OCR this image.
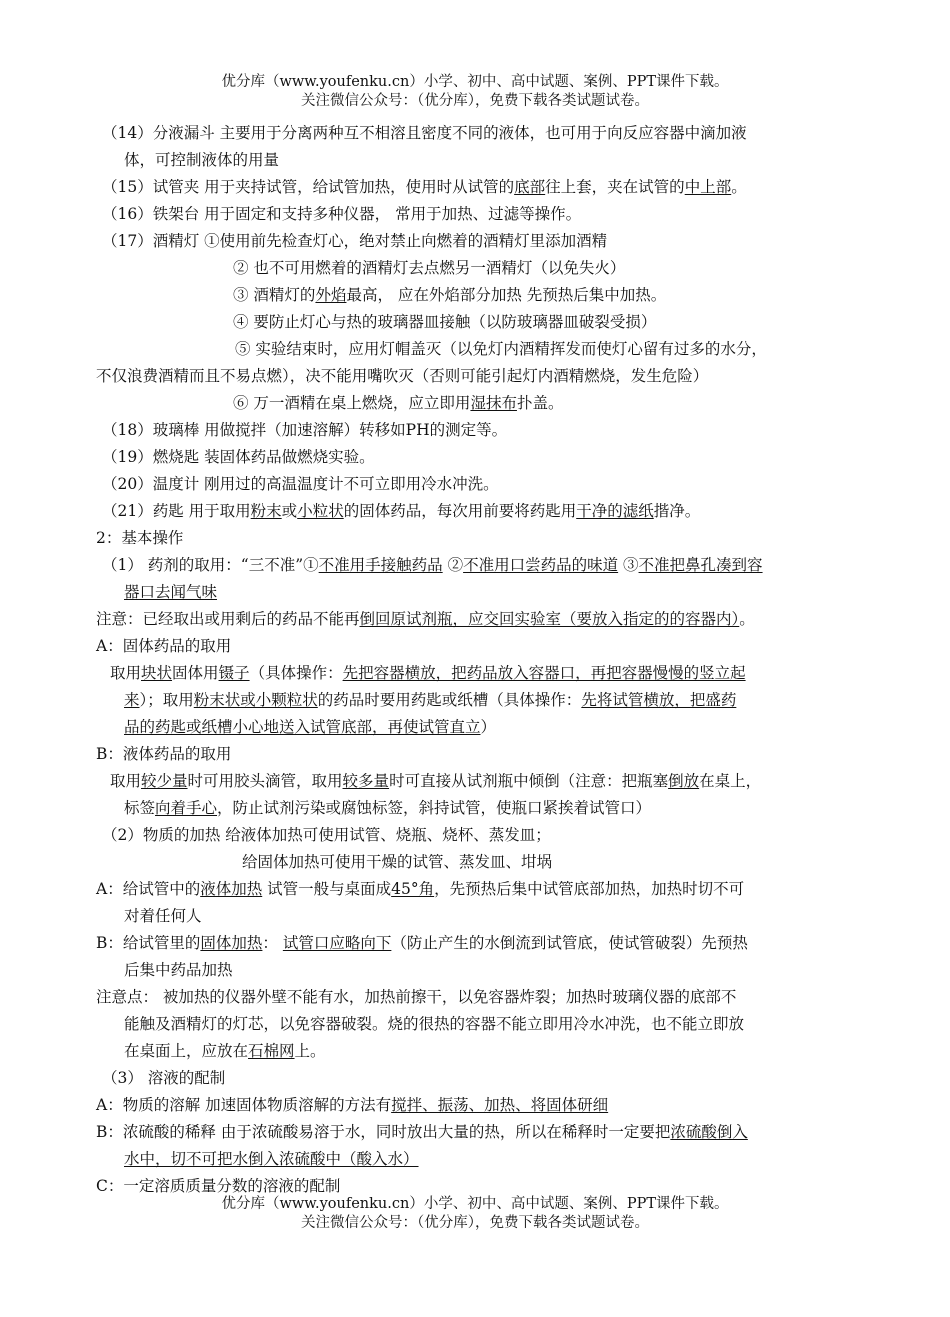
优分库（www.youfenku.cn）小学、初中、高中试题、案例、PPT课件下载。
关注微信公众号：（优分库），免费下载各类试题试卷。
（14）分液漏斗 主要用于分离两种互不相溶且密度不同的液体，也可用于向反应容器中滴加液
体，可控制液体的用量
（15）试管夹 用于夹持试管，给试管加热，使用时从试管的底部往上套，夹在试管的中上部。
（16）铁架台 用于固定和支持多种仪器， 常用于加热、过滤等操作。
（17）酒精灯 ①使用前先检查灯心，绝对禁止向燃着的酒精灯里添加酒精
② 也不可用燃着的酒精灯去点燃另一酒精灯（以免失火）
③ 酒精灯的外焰最高， 应在外焰部分加热 先预热后集中加热。
④ 要防止灯心与热的玻璃器皿接触（以防玻璃器皿破裂受损）
⑤ 实验结束时，应用灯帽盖灭（以免灯内酒精挥发而使灯心留有过多的水分，
不仅浪费酒精而且不易点燃），决不能用嘴吹灭（否则可能引起灯内酒精燃烧，发生危险）
⑥ 万一酒精在桌上燃烧，应立即用湿抹布扑盖。
（18）玻璃棒 用做搅拌（加速溶解）转移如PH的测定等。
（19）燃烧匙 装固体药品做燃烧实验。
（20）温度计 刚用过的高温温度计不可立即用冷水冲洗。
（21）药匙 用于取用粉末或小粒状的固体药品，每次用前要将药匙用干净的滤纸揩净。
2：基本操作
（1） 药剂的取用：“三不准”①不准用手接触药品 ②不准用口尝药品的味道 ③不准把鼻孔凑到容
器口去闻气味
注意：已经取出或用剩后的药品不能再倒回原试剂瓶，应交回实验室（要放入指定的的容器内）。
A：固体药品的取用
取用块状固体用镊子（具体操作：先把容器横放，把药品放入容器口，再把容器慢慢的竖立起
来）；取用粉末状或小颗粒状的药品时要用药匙或纸槽（具体操作：先将试管横放，把盛药
品的药匙或纸槽小心地送入试管底部，再使试管直立）
B：液体药品的取用
取用较少量时可用胶头滴管，取用较多量时可直接从试剂瓶中倾倒（注意：把瓶塞倒放在桌上，
标签向着手心，防止试剂污染或腐蚀标签，斜持试管，使瓶口紧挨着试管口）
（2）物质的加热 给液体加热可使用试管、烧瓶、烧杯、蒸发皿；
给固体加热可使用干燥的试管、蒸发皿、坩埚
A：给试管中的液体加热 试管一般与桌面成45°角，先预热后集中试管底部加热，加热时切不可
对着任何人
B：给试管里的固体加热： 试管口应略向下（防止产生的水倒流到试管底，使试管破裂）先预热
后集中药品加热
注意点： 被加热的仪器外壁不能有水，加热前擦干，以免容器炸裂；加热时玻璃仪器的底部不
能触及酒精灯的灯芯，以免容器破裂。烧的很热的容器不能立即用冷水冲洗，也不能立即放
在桌面上，应放在石棉网上。
（3） 溶液的配制
A：物质的溶解 加速固体物质溶解的方法有搅拌、振荡、加热、将固体研细
B：浓硫酸的稀释 由于浓硫酸易溶于水，同时放出大量的热，所以在稀释时一定要把浓硫酸倒入
水中，切不可把水倒入浓硫酸中（酸入水）
C：一定溶质质量分数的溶液的配制
优分库（www.youfenku.cn）小学、初中、高中试题、案例、PPT课件下载。
关注微信公众号：（优分库），免费下载各类试题试卷。
